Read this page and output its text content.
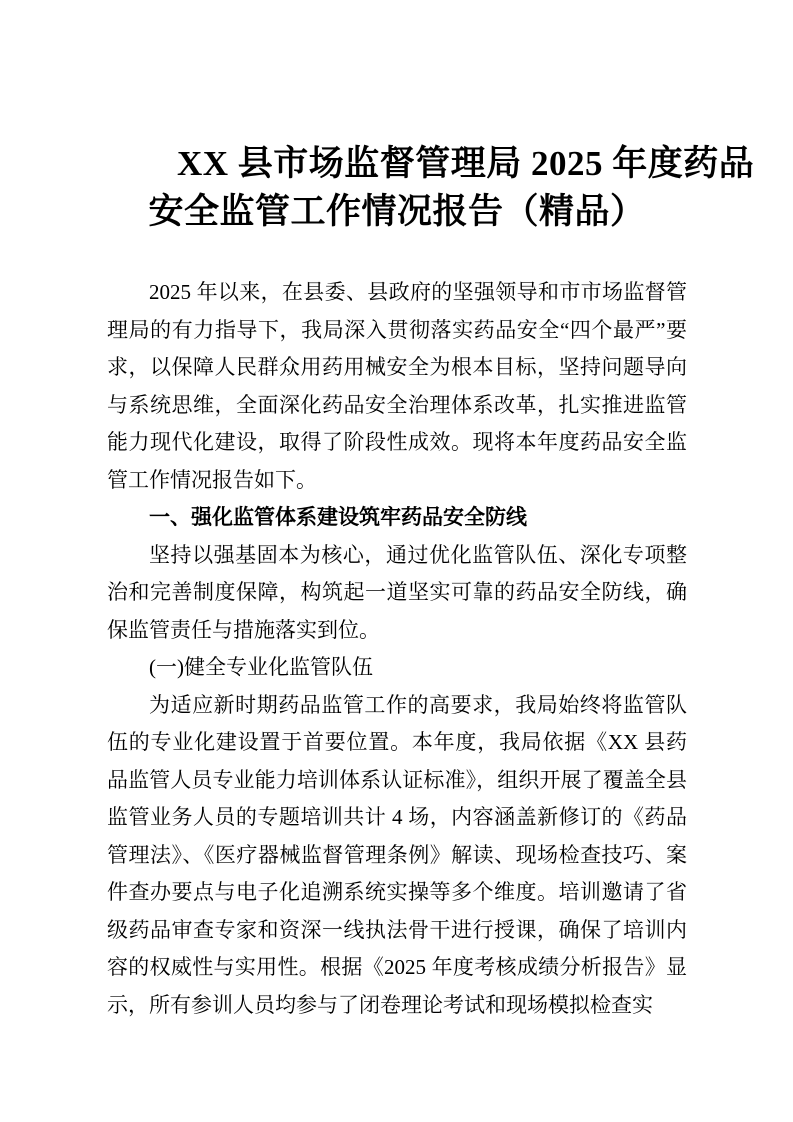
XX 县市场监督管理局 2025 年度药品
安全监管工作情况报告（精品）
2025 年以来，在县委、县政府的坚强领导和市市场监督管理局的有力指导下，我局深入贯彻落实药品安全“四个最严”要求，以保障人民群众用药用械安全为根本目标，坚持问题导向与系统思维，全面深化药品安全治理体系改革，扎实推进监管能力现代化建设，取得了阶段性成效。现将本年度药品安全监管工作情况报告如下。
一、强化监管体系建设筑牢药品安全防线
坚持以强基固本为核心，通过优化监管队伍、深化专项整治和完善制度保障，构筑起一道坚实可靠的药品安全防线，确保监管责任与措施落实到位。
(一)健全专业化监管队伍
为适应新时期药品监管工作的高要求，我局始终将监管队伍的专业化建设置于首要位置。本年度，我局依据《XX 县药品监管人员专业能力培训体系认证标准》，组织开展了覆盖全县监管业务人员的专题培训共计 4 场，内容涵盖新修订的《药品管理法》、《医疗器械监督管理条例》解读、现场检查技巧、案件查办要点与电子化追溯系统实操等多个维度。培训邀请了省级药品审查专家和资深一线执法骨干进行授课，确保了培训内容的权威性与实用性。根据《2025 年度考核成绩分析报告》显示，所有参训人员均参与了闭卷理论考试和现场模拟检查实
